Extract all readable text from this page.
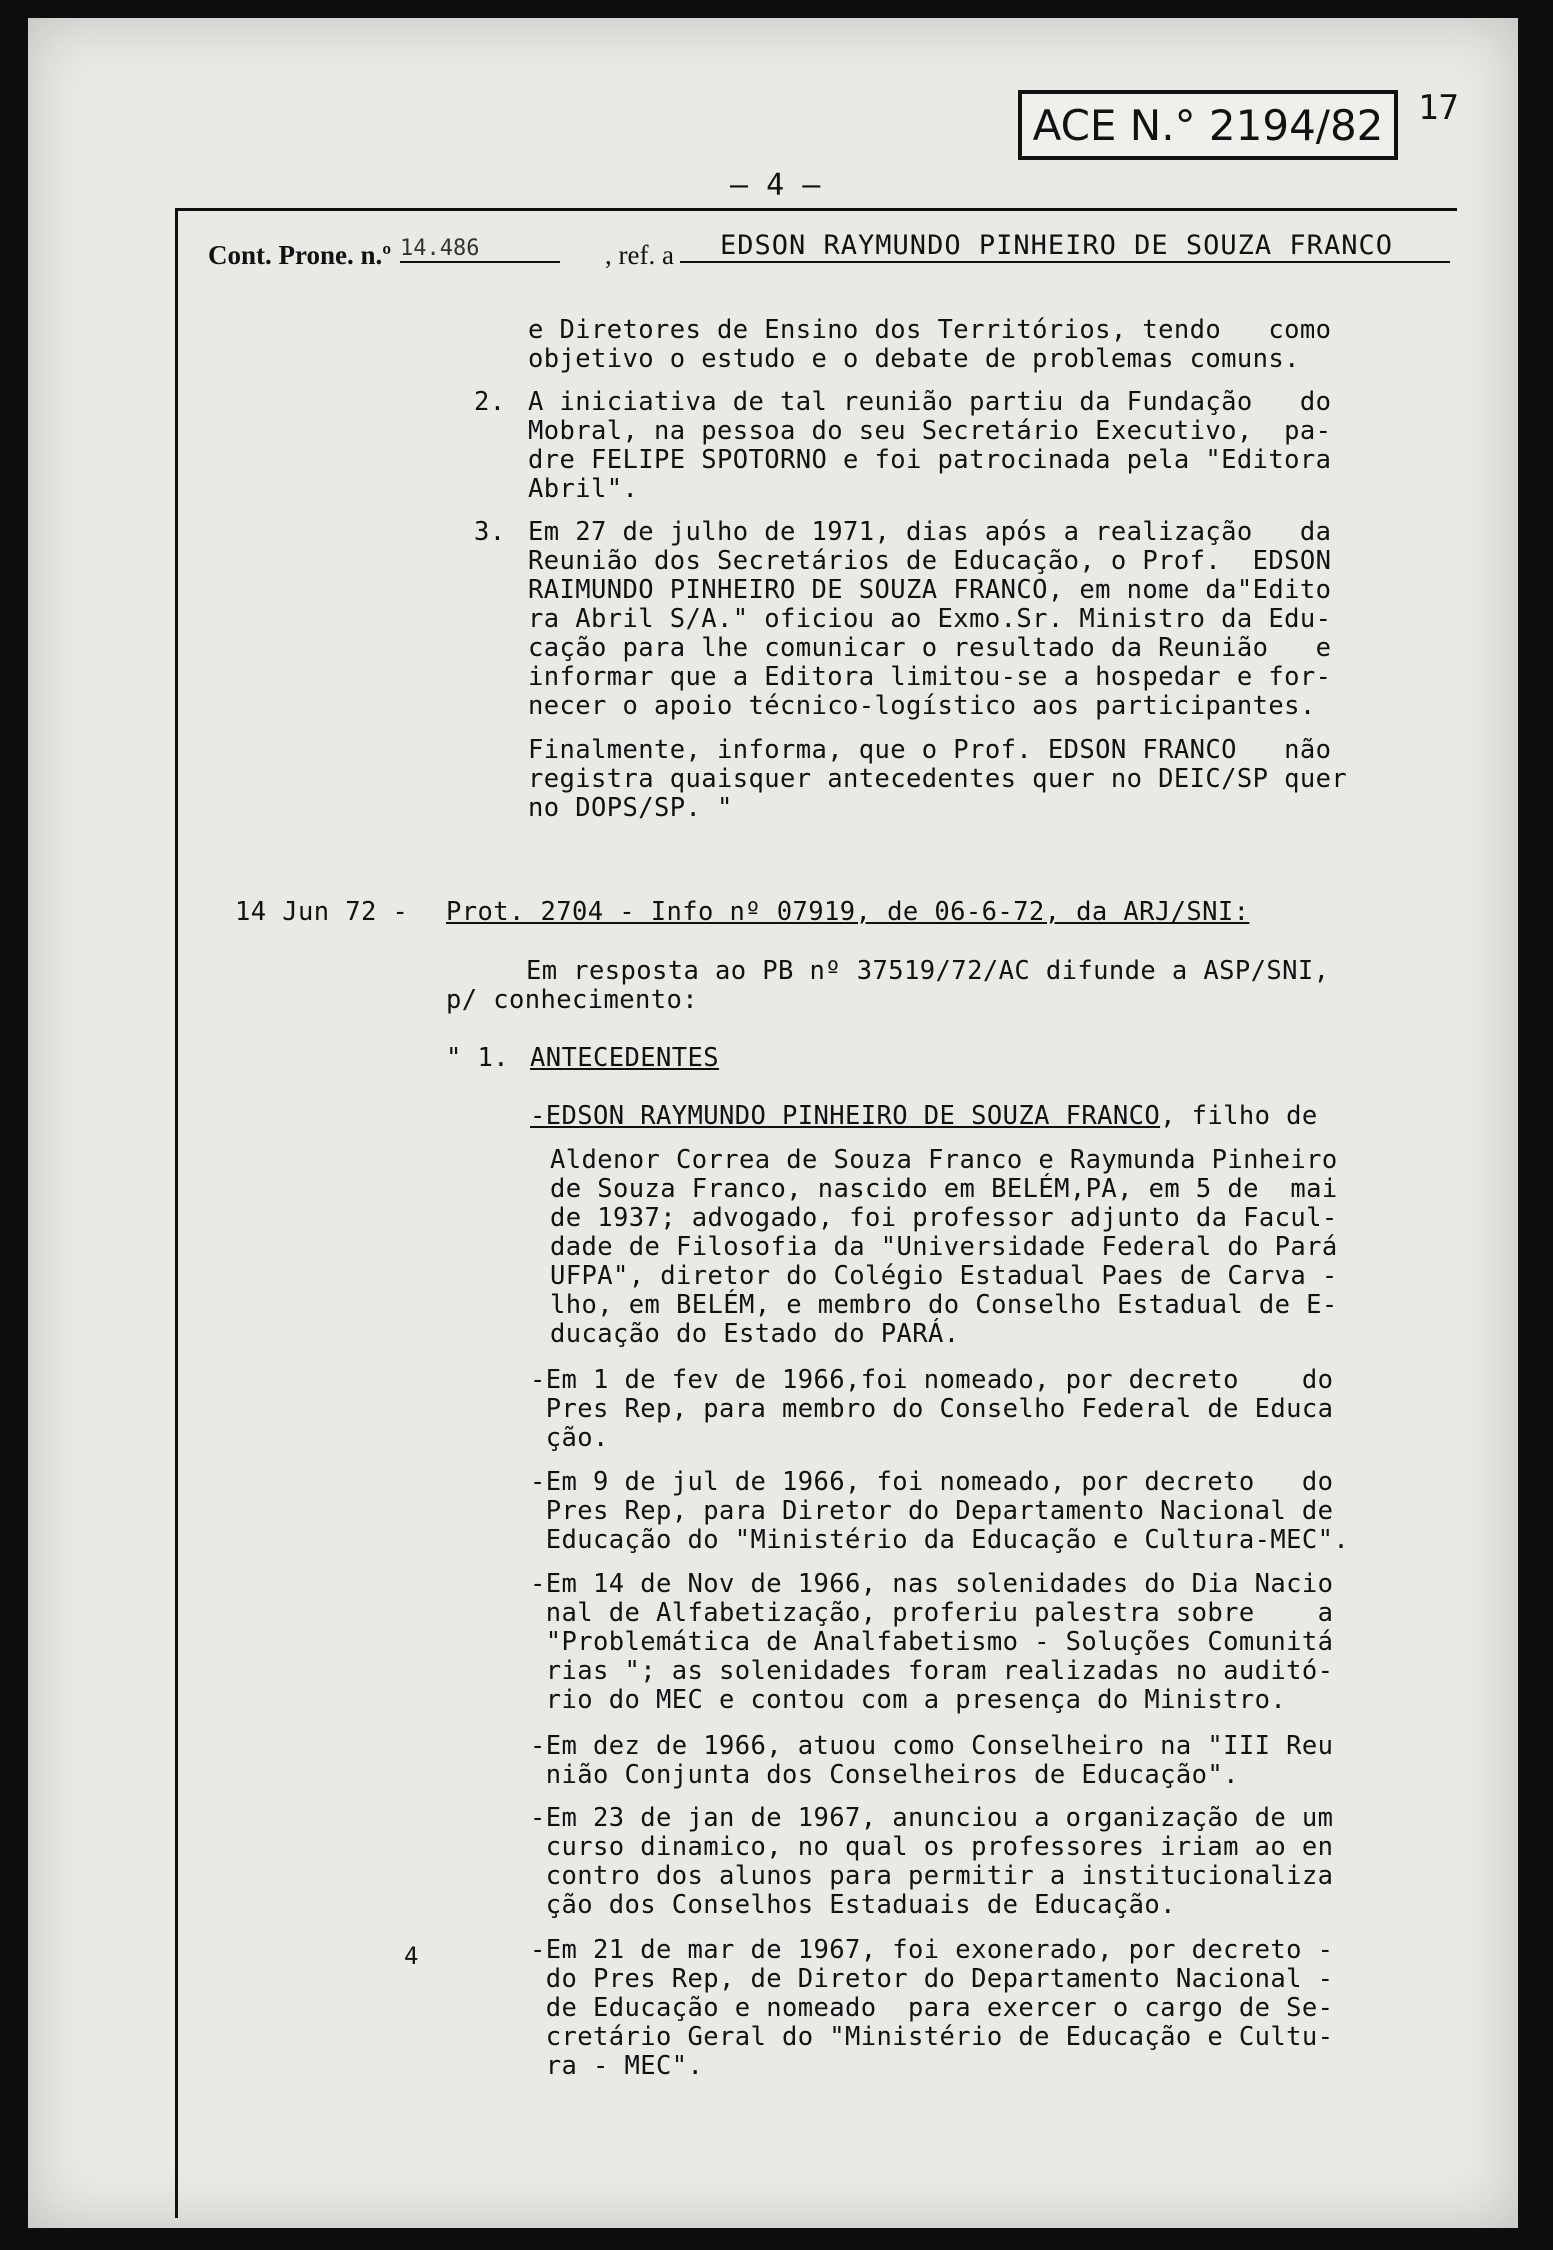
ACE N.° 2194/82	17
— 4 —
Cont. Prone. n.º 14.486	, ref. a	EDSON RAYMUNDO PINHEIRO DE SOUZA FRANCO
e Diretores de Ensino dos Territórios, tendo   como
objetivo o estudo e o debate de problemas comuns.
2. A iniciativa de tal reunião partiu da Fundação   do
Mobral, na pessoa do seu Secretário Executivo,  pa-
dre FELIPE SPOTORNO e foi patrocinada pela "Editora
Abril".
3. Em 27 de julho de 1971, dias após a realização   da
Reunião dos Secretários de Educação, o Prof.  EDSON
RAIMUNDO PINHEIRO DE SOUZA FRANCO, em nome da"Edito
ra Abril S/A." oficiou ao Exmo.Sr. Ministro da Edu-
cação para lhe comunicar o resultado da Reunião   e
informar que a Editora limitou-se a hospedar e for-
necer o apoio técnico-logístico aos participantes.
Finalmente, informa, que o Prof. EDSON FRANCO   não
registra quaisquer antecedentes quer no DEIC/SP quer
no DOPS/SP. "
14 Jun 72 - Prot. 2704 - Info nº 07919, de 06-6-72, da ARJ/SNI:
Em resposta ao PB nº 37519/72/AC difunde a ASP/SNI,
p/ conhecimento:
" 1. ANTECEDENTES
-EDSON RAYMUNDO PINHEIRO DE SOUZA FRANCO, filho de
Aldenor Correa de Souza Franco e Raymunda Pinheiro
de Souza Franco, nascido em BELÉM,PA, em 5 de  mai
de 1937; advogado, foi professor adjunto da Facul-
dade de Filosofia da "Universidade Federal do Pará
UFPA", diretor do Colégio Estadual Paes de Carva -
lho, em BELÉM, e membro do Conselho Estadual de E-
ducação do Estado do PARÁ.
-Em 1 de fev de 1966,foi nomeado, por decreto    do
Pres Rep, para membro do Conselho Federal de Educa
ção.
-Em 9 de jul de 1966, foi nomeado, por decreto   do
Pres Rep, para Diretor do Departamento Nacional de
Educação do "Ministério da Educação e Cultura-MEC".
-Em 14 de Nov de 1966, nas solenidades do Dia Nacio
nal de Alfabetização, proferiu palestra sobre    a
"Problemática de Analfabetismo - Soluções Comunitá
rias "; as solenidades foram realizadas no auditó-
rio do MEC e contou com a presença do Ministro.
-Em dez de 1966, atuou como Conselheiro na "III Reu
nião Conjunta dos Conselheiros de Educação".
-Em 23 de jan de 1967, anunciou a organização de um
curso dinamico, no qual os professores iriam ao en
contro dos alunos para permitir a institucionaliza
ção dos Conselhos Estaduais de Educação.
-Em 21 de mar de 1967, foi exonerado, por decreto -
do Pres Rep, de Diretor do Departamento Nacional -
de Educação e nomeado  para exercer o cargo de Se-
cretário Geral do "Ministério de Educação e Cultu-
ra - MEC".
4
